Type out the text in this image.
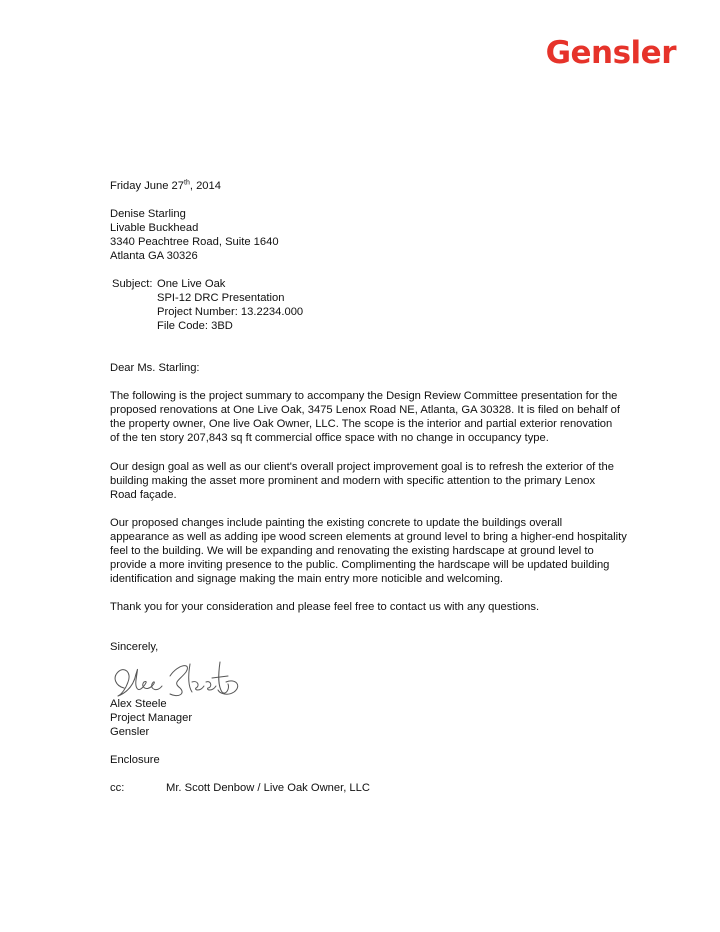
Gensler
Friday June 27th, 2014
Denise Starling
Livable Buckhead
3340 Peachtree Road, Suite 1640
Atlanta GA 30326
Subject: One Live Oak
SPI-12 DRC Presentation
Project Number: 13.2234.000
File Code: 3BD
Dear Ms. Starling:
The following is the project summary to accompany the Design Review Committee presentation for the
proposed renovations at One Live Oak, 3475 Lenox Road NE, Atlanta, GA 30328. It is filed on behalf of
the property owner, One live Oak Owner, LLC. The scope is the interior and partial exterior renovation
of the ten story 207,843 sq ft commercial office space with no change in occupancy type.
Our design goal as well as our client's overall project improvement goal is to refresh the exterior of the
building making the asset more prominent and modern with specific attention to the primary Lenox
Road façade.
Our proposed changes include painting the existing concrete to update the buildings overall
appearance as well as adding ipe wood screen elements at ground level to bring a higher-end hospitality
feel to the building. We will be expanding and renovating the existing hardscape at ground level to
provide a more inviting presence to the public. Complimenting the hardscape will be updated building
identification and signage making the main entry more noticible and welcoming.
Thank you for your consideration and please feel free to contact us with any questions.
Sincerely,
Alex Steele
Project Manager
Gensler
Enclosure
cc:	Mr. Scott Denbow / Live Oak Owner, LLC
